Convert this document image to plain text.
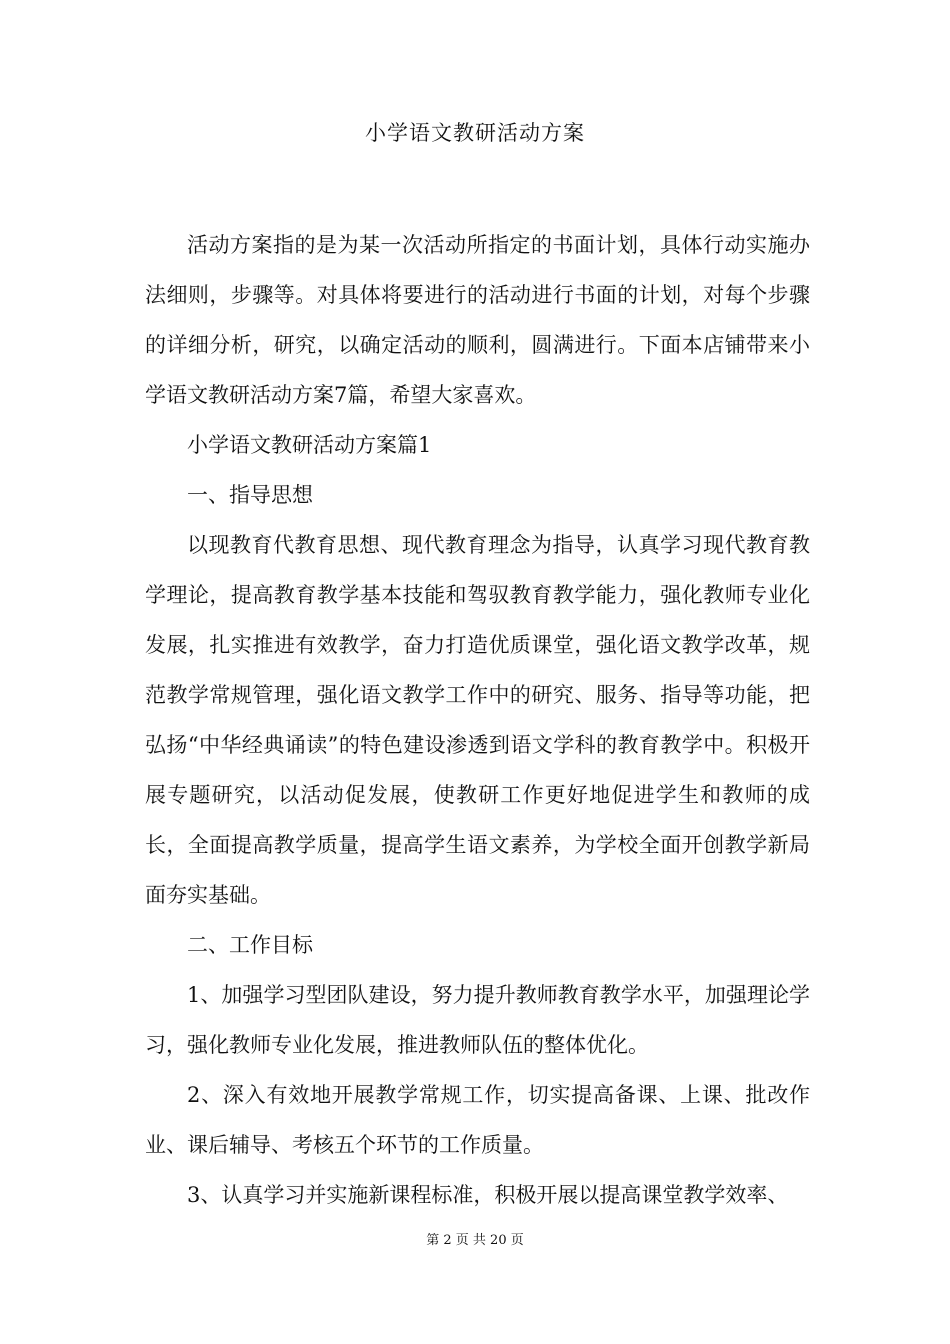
小学语文教研活动方案

活动方案指的是为某一次活动所指定的书面计划，具体行动实施办法细则，步骤等。对具体将要进行的活动进行书面的计划，对每个步骤的详细分析，研究，以确定活动的顺利，圆满进行。下面本店铺带来小学语文教研活动方案7篇，希望大家喜欢。

小学语文教研活动方案篇1

一、指导思想

以现教育代教育思想、现代教育理念为指导，认真学习现代教育教学理论，提高教育教学基本技能和驾驭教育教学能力，强化教师专业化发展，扎实推进有效教学，奋力打造优质课堂，强化语文教学改革，规范教学常规管理，强化语文教学工作中的研究、服务、指导等功能，把弘扬“中华经典诵读”的特色建设渗透到语文学科的教育教学中。积极开展专题研究，以活动促发展，使教研工作更好地促进学生和教师的成长，全面提高教学质量，提高学生语文素养，为学校全面开创教学新局面夯实基础。

二、工作目标

1、加强学习型团队建设，努力提升教师教育教学水平，加强理论学习，强化教师专业化发展，推进教师队伍的整体优化。

2、深入有效地开展教学常规工作，切实提高备课、上课、批改作业、课后辅导、考核五个环节的工作质量。

3、认真学习并实施新课程标准，积极开展以提高课堂教学效率、

第 2 页 共 20 页
